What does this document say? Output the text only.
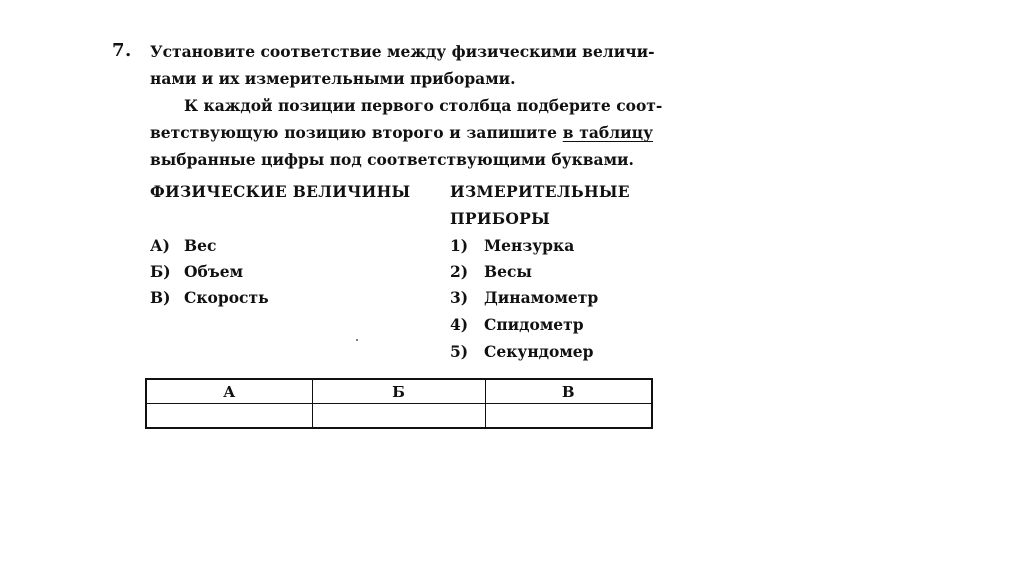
7. Установите соответствие между физическими величи-
нами и их измерительными приборами.
К каждой позиции первого столбца подберите соот-
ветствующую позицию второго и запишите в таблицу
выбранные цифры под соответствующими буквами.
ФИЗИЧЕСКИЕ ВЕЛИЧИНЫ
А) Вес
Б) Объем
В) Скорость
ИЗМЕРИТЕЛЬНЫЕ
ПРИБОРЫ
1) Мензурка
2) Весы
3) Динамометр
4) Спидометр
5) Секундомер
А	Б	В
